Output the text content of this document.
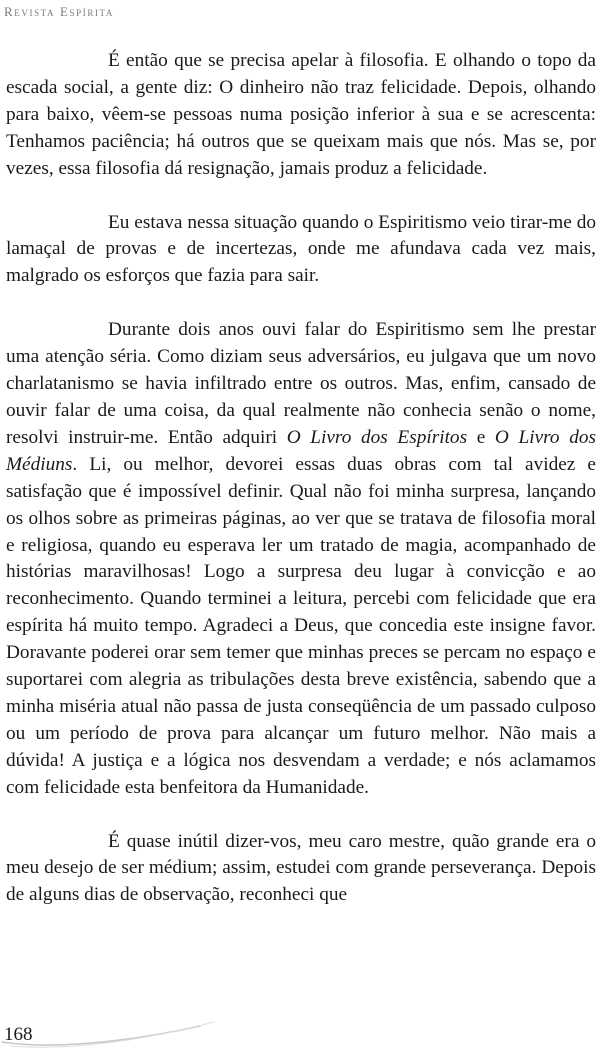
Revista Espírita

É então que se precisa apelar à filosofia. E olhando o topo da escada social, a gente diz: O dinheiro não traz felicidade. Depois, olhando para baixo, vêem-se pessoas numa posição inferior à sua e se acrescenta: Tenhamos paciência; há outros que se queixam mais que nós. Mas se, por vezes, essa filosofia dá resignação, jamais produz a felicidade.

Eu estava nessa situação quando o Espiritismo veio tirar-me do lamaçal de provas e de incertezas, onde me afundava cada vez mais, malgrado os esforços que fazia para sair.

Durante dois anos ouvi falar do Espiritismo sem lhe prestar uma atenção séria. Como diziam seus adversários, eu julgava que um novo charlatanismo se havia infiltrado entre os outros. Mas, enfim, cansado de ouvir falar de uma coisa, da qual realmente não conhecia senão o nome, resolvi instruir-me. Então adquiri O Livro dos Espíritos e O Livro dos Médiuns. Li, ou melhor, devorei essas duas obras com tal avidez e satisfação que é impossível definir. Qual não foi minha surpresa, lançando os olhos sobre as primeiras páginas, ao ver que se tratava de filosofia moral e religiosa, quando eu esperava ler um tratado de magia, acompanhado de histórias maravilhosas! Logo a surpresa deu lugar à convicção e ao reconhecimento. Quando terminei a leitura, percebi com felicidade que era espírita há muito tempo. Agradeci a Deus, que concedia este insigne favor. Doravante poderei orar sem temer que minhas preces se percam no espaço e suportarei com alegria as tribulações desta breve existência, sabendo que a minha miséria atual não passa de justa conseqüência de um passado culposo ou um período de prova para alcançar um futuro melhor. Não mais a dúvida! A justiça e a lógica nos desvendam a verdade; e nós aclamamos com felicidade esta benfeitora da Humanidade.

É quase inútil dizer-vos, meu caro mestre, quão grande era o meu desejo de ser médium; assim, estudei com grande perseverança. Depois de alguns dias de observação, reconheci que

168
